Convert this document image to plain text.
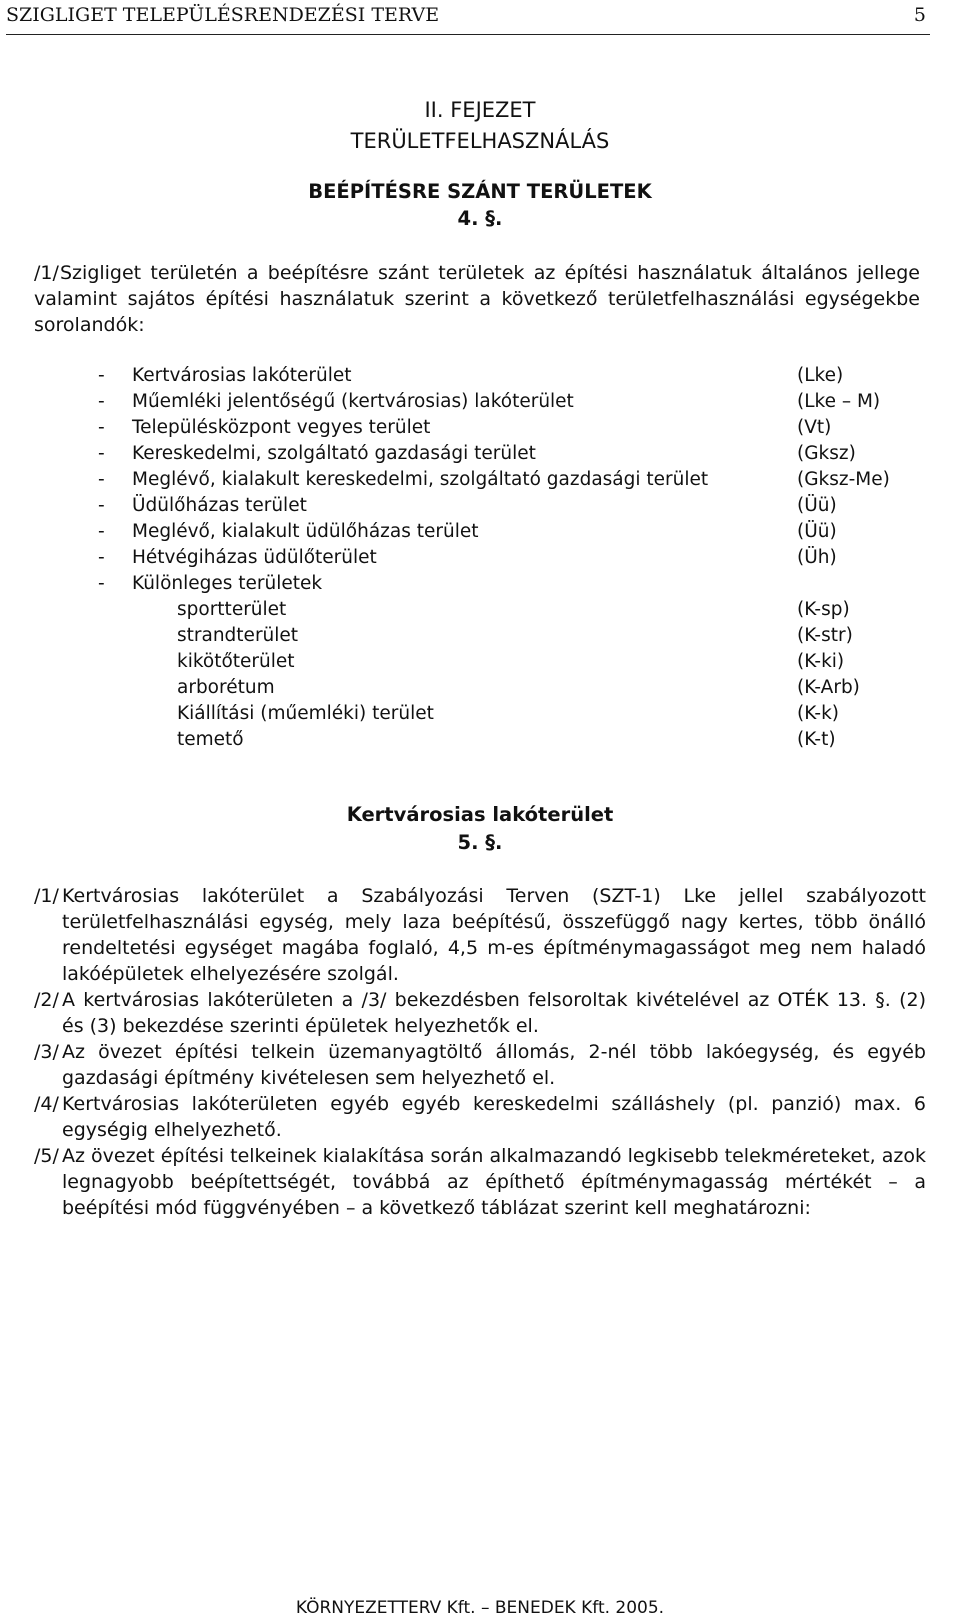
SZIGLIGET TELEPÜLÉSRENDEZÉSI TERVE	5
II. FEJEZET
TERÜLETFELHASZNÁLÁS
BEÉPÍTÉSRE SZÁNT TERÜLETEK
4. §.
/1/ Szigliget területén a beépítésre szánt területek az építési használatuk általános jellege valamint sajátos építési használatuk szerint a következő területfelhasználási egységekbe sorolandók:
- Kertvárosias lakóterület	(Lke)
- Műemléki jelentőségű (kertvárosias) lakóterület	(Lke – M)
- Településközpont vegyes terület	(Vt)
- Kereskedelmi, szolgáltató gazdasági terület	(Gksz)
- Meglévő, kialakult kereskedelmi, szolgáltató gazdasági terület	(Gksz-Me)
- Üdülőházas terület	(Üü)
- Meglévő, kialakult üdülőházas terület	(Üü)
- Hétvégiházas üdülőterület	(Üh)
- Különleges területek
sportterület	(K-sp)
strandterület	(K-str)
kikötőterület	(K-ki)
arborétum	(K-Arb)
Kiállítási (műemléki) terület	(K-k)
temető	(K-t)
Kertvárosias lakóterület
5. §.
/1/ Kertvárosias lakóterület a Szabályozási Terven (SZT-1) Lke jellel szabályozott területfelhasználási egység, mely laza beépítésű, összefüggő nagy kertes, több önálló rendeltetési egységet magába foglaló, 4,5 m-es építménymagasságot meg nem haladó lakóépületek elhelyezésére szolgál.
/2/ A kertvárosias lakóterületen a /3/ bekezdésben felsoroltak kivételével az OTÉK 13. §. (2) és (3) bekezdése szerinti épületek helyezhetők el.
/3/ Az övezet építési telkein üzemanyagtöltő állomás, 2-nél több lakóegység, és egyéb gazdasági építmény kivételesen sem helyezhető el.
/4/ Kertvárosias lakóterületen egyéb egyéb kereskedelmi szálláshely (pl. panzió) max. 6 egységig elhelyezhető.
/5/ Az övezet építési telkeinek kialakítása során alkalmazandó legkisebb telekméreteket, azok legnagyobb beépítettségét, továbbá az építhető építménymagasság mértékét – a beépítési mód függvényében – a következő táblázat szerint kell meghatározni:
KÖRNYEZETTERV Kft. – BENEDEK Kft. 2005.
